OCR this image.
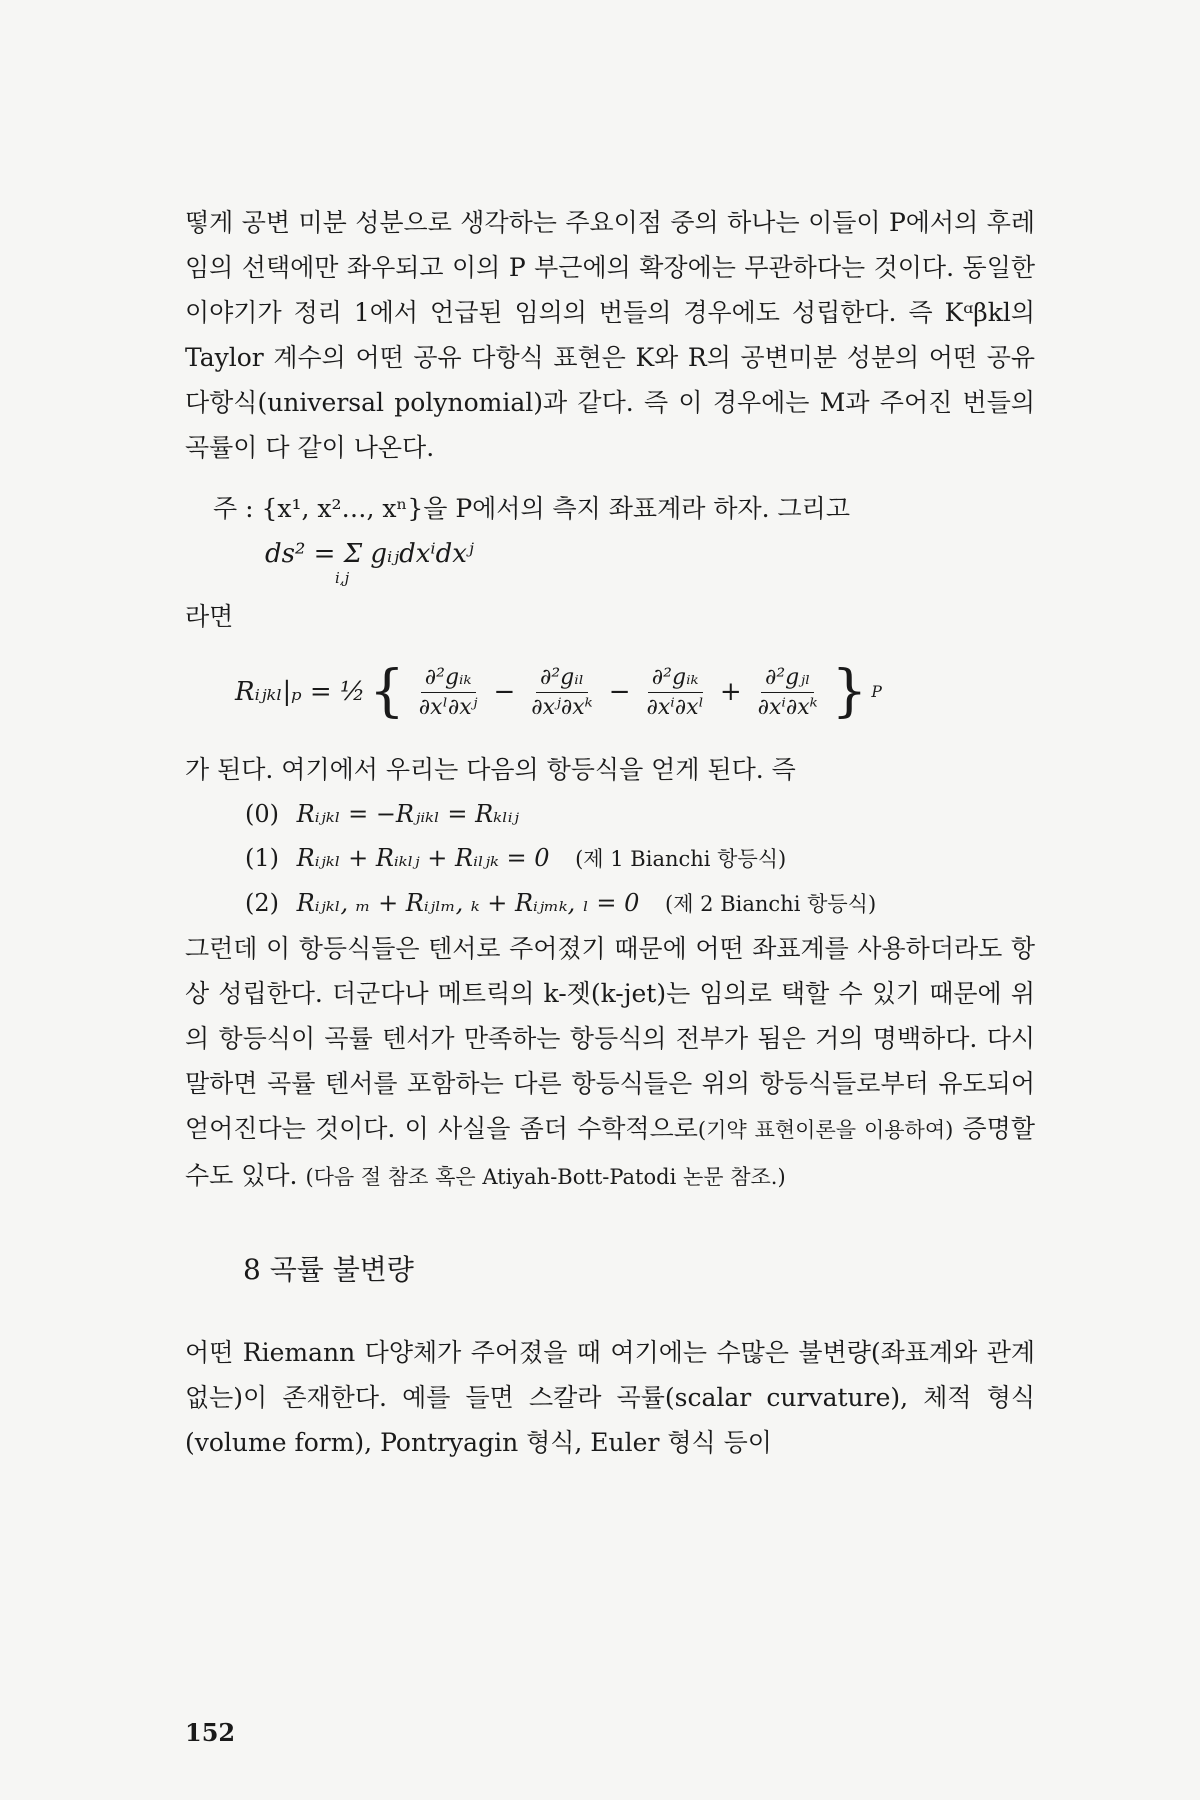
떻게 공변 미분 성분으로 생각하는 주요이점 중의 하나는 이들이 P에서의 후레임의 선택에만 좌우되고 이의 P 부근에의 확장에는 무관하다는 것이다. 동일한 이야기가 정리 1에서 언급된 임의의 번들의 경우에도 성립한다. 즉 Kᵅβkl의 Taylor 계수의 어떤 공유 다항식 표현은 K와 R의 공변미분 성분의 어떤 공유 다항식(universal polynomial)과 같다. 즉 이 경우에는 M과 주어진 번들의 곡률이 다 같이 나온다.

주 : {x¹, x²…, xⁿ}을 P에서의 측지 좌표계라 하자. 그리고
ds² = Σ gᵢⱼdxⁱdxʲ
i,j
라면
Rᵢⱼₖₗ|ₚ = ½ { $\frac{\text{∂²gᵢₖ}}{\text{∂xˡ∂xʲ}} - \frac{\text{∂²gᵢₗ}}{\text{∂xʲ∂xᵏ}} - \frac{\text{∂²gᵢₖ}}{\text{∂xⁱ∂xˡ}} + \frac{\text{∂²gⱼₗ}}{\text{∂xⁱ∂xᵏ}}$ } P

가 된다. 여기에서 우리는 다음의 항등식을 얻게 된다. 즉

(0) Rᵢⱼₖₗ = −Rⱼᵢₖₗ = Rₖₗᵢⱼ
(1) Rᵢⱼₖₗ + Rᵢₖₗⱼ + Rᵢₗⱼₖ = 0 (제 1 Bianchi 항등식)
(2) Rᵢⱼₖₗ, ₘ + Rᵢⱼₗₘ, ₖ + Rᵢⱼₘₖ, ₗ = 0 (제 2 Bianchi 항등식)

그런데 이 항등식들은 텐서로 주어졌기 때문에 어떤 좌표계를 사용하더라도 항상 성립한다. 더군다나 메트릭의 k-젯(k-jet)는 임의로 택할 수 있기 때문에 위의 항등식이 곡률 텐서가 만족하는 항등식의 전부가 됨은 거의 명백하다. 다시 말하면 곡률 텐서를 포함하는 다른 항등식들은 위의 항등식들로부터 유도되어 얻어진다는 것이다. 이 사실을 좀더 수학적으로(기약 표현이론을 이용하여) 증명할 수도 있다. (다음 절 참조 혹은 Atiyah-Bott-Patodi 논문 참조.)

8 곡률 불변량

어떤 Riemann 다양체가 주어졌을 때 여기에는 수많은 불변량(좌표계와 관계없는)이 존재한다. 예를 들면 스칼라 곡률(scalar curvature), 체적 형식(volume form), Pontryagin 형식, Euler 형식 등이

152
